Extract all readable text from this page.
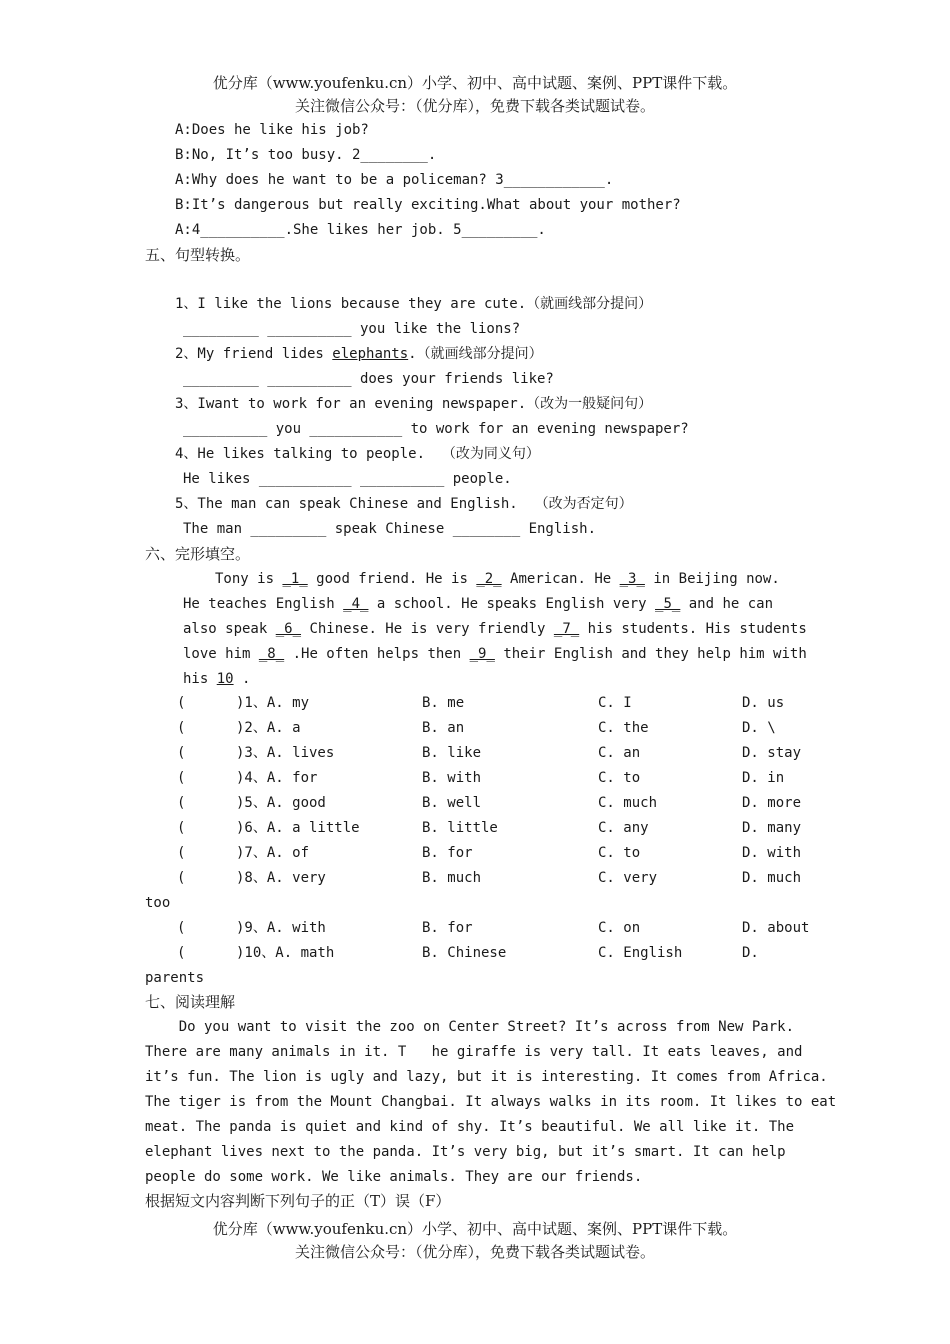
优分库（www.youfenku.cn）小学、初中、高中试题、案例、PPT课件下载。
关注微信公众号：（优分库），免费下载各类试题试卷。
A:Does he like his job?
B:No, It’s too busy. 2________.
A:Why does he want to be a policeman? 3____________.
B:It’s dangerous but really exciting.What about your mother?
A:4__________.She likes her job. 5_________.
五、句型转换。
1、I like the lions because they are cute.（就画线部分提问）
_________ __________ you like the lions?
2、My friend lides elephants.（就画线部分提问）
_________ __________ does your friends like?
3、Iwant to work for an evening newspaper.（改为一般疑问句）
__________ you ___________ to work for an evening newspaper?
4、He likes talking to people.  （改为同义句）
He likes ___________ __________ people.
5、The man can speak Chinese and English.  （改为否定句）
The man _________ speak Chinese ________ English.
六、完形填空。
Tony is _1_ good friend. He is _2_ American. He _3_ in Beijing now.
He teaches English _4_ a school. He speaks English very _5_ and he can
also speak _6_ Chinese. He is very friendly _7_ his students. His students
love him _8_ .He often helps then _9_ their English and they help him with
his 10 .
(      )1、A. my	B. me	C. I	D. us
(      )2、A. a	B. an	C. the	D. \
(      )3、A. lives	B. like	C. an	D. stay
(      )4、A. for	B. with	C. to	D. in
(      )5、A. good	B. well	C. much	D. more
(      )6、A. a little	B. little	C. any	D. many
(      )7、A. of	B. for	C. to	D. with
(      )8、A. very	B. much	C. very	D. much
too
(      )9、A. with	B. for	C. on	D. about
(      )10、A. math	B. Chinese	C. English	D.
parents
七、阅读理解
Do you want to visit the zoo on Center Street? It’s across from New Park.
There are many animals in it. T   he giraffe is very tall. It eats leaves, and
it’s fun. The lion is ugly and lazy, but it is interesting. It comes from Africa.
The tiger is from the Mount Changbai. It always walks in its room. It likes to eat
meat. The panda is quiet and kind of shy. It’s beautiful. We all like it. The
elephant lives next to the panda. It’s very big, but it’s smart. It can help
people do some work. We like animals. They are our friends.
根据短文内容判断下列句子的正（T）误（F）
优分库（www.youfenku.cn）小学、初中、高中试题、案例、PPT课件下载。
关注微信公众号：（优分库），免费下载各类试题试卷。
